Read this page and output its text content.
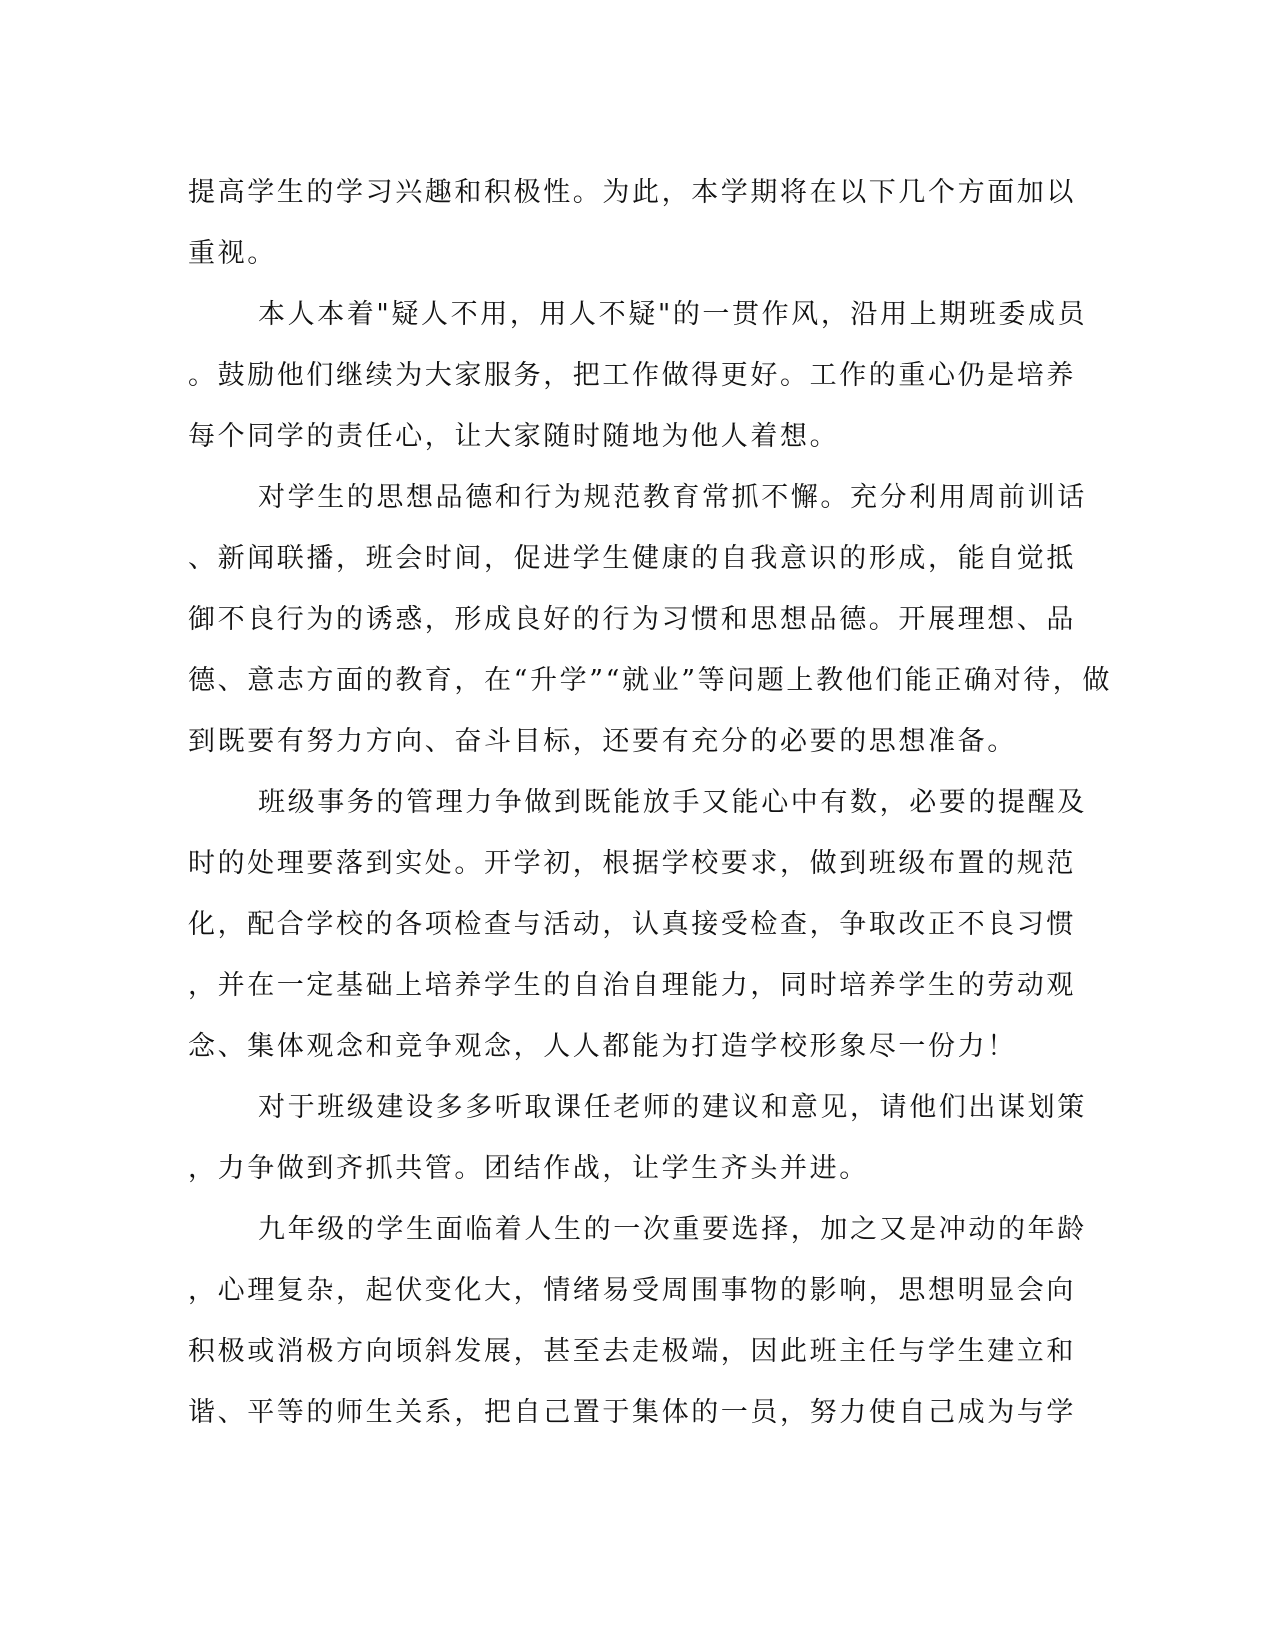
提高学生的学习兴趣和积极性。为此，本学期将在以下几个方面加以
重视。
本人本着"疑人不用，用人不疑"的一贯作风，沿用上期班委成员
。鼓励他们继续为大家服务，把工作做得更好。工作的重心仍是培养
每个同学的责任心，让大家随时随地为他人着想。
对学生的思想品德和行为规范教育常抓不懈。充分利用周前训话
、新闻联播，班会时间，促进学生健康的自我意识的形成，能自觉抵
御不良行为的诱惑，形成良好的行为习惯和思想品德。开展理想、品
德、意志方面的教育，在“升学”“就业”等问题上教他们能正确对待，做
到既要有努力方向、奋斗目标，还要有充分的必要的思想准备。
班级事务的管理力争做到既能放手又能心中有数，必要的提醒及
时的处理要落到实处。开学初，根据学校要求，做到班级布置的规范
化，配合学校的各项检查与活动，认真接受检查，争取改正不良习惯
，并在一定基础上培养学生的自治自理能力，同时培养学生的劳动观
念、集体观念和竞争观念，人人都能为打造学校形象尽一份力！
对于班级建设多多听取课任老师的建议和意见，请他们出谋划策
，力争做到齐抓共管。团结作战，让学生齐头并进。
九年级的学生面临着人生的一次重要选择，加之又是冲动的年龄
，心理复杂，起伏变化大，情绪易受周围事物的影响，思想明显会向
积极或消极方向顷斜发展，甚至去走极端，因此班主任与学生建立和
谐、平等的师生关系，把自己置于集体的一员，努力使自己成为与学
